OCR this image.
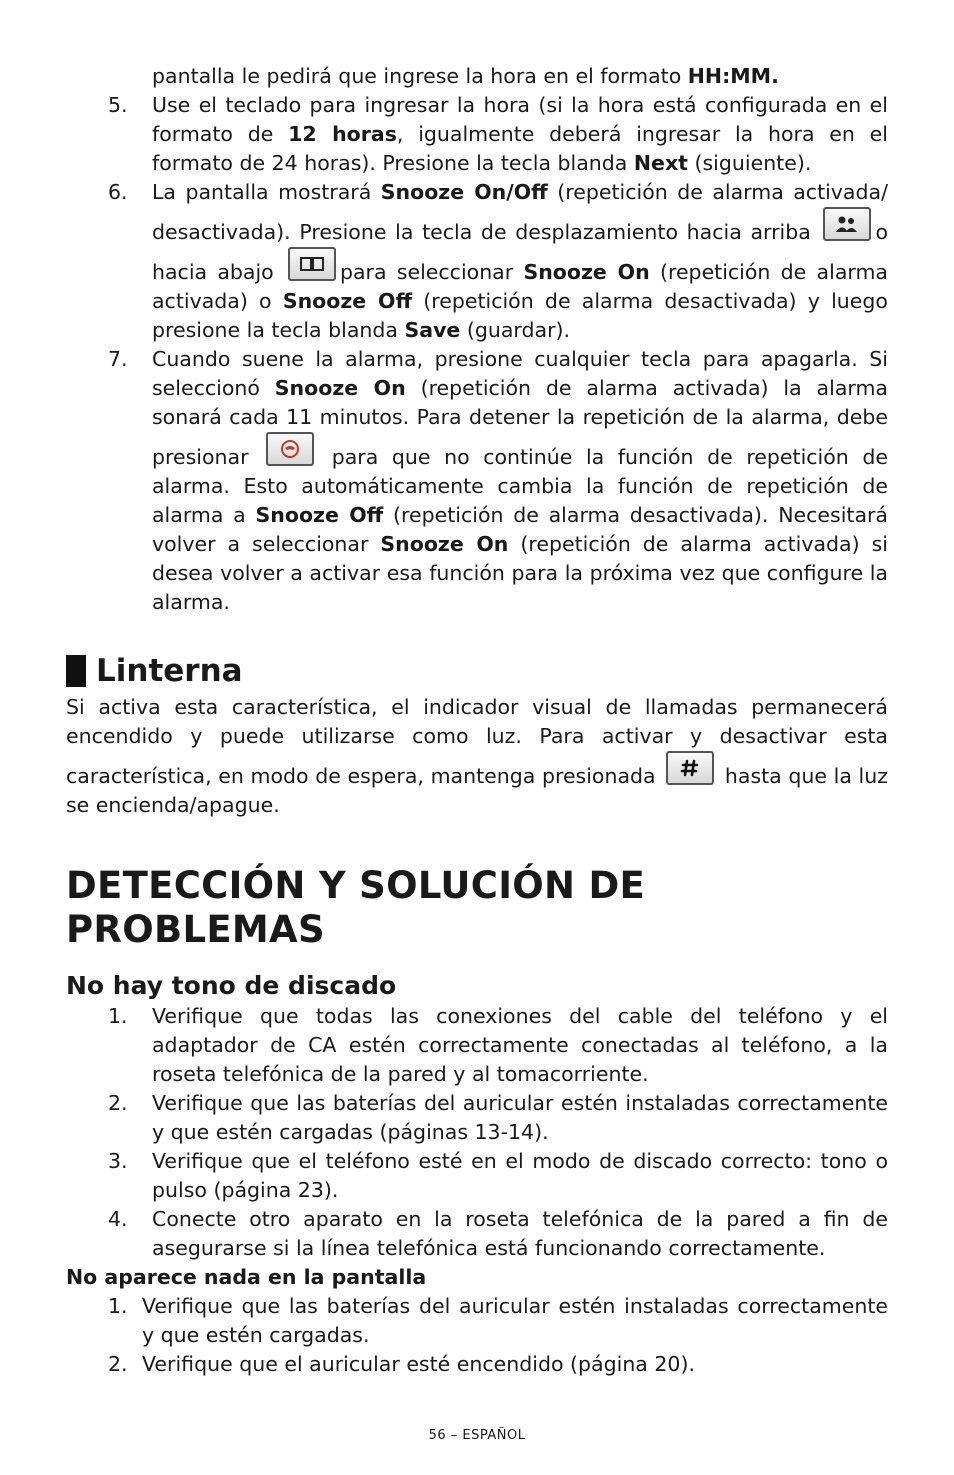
pantalla le pedirá que ingrese la hora en el formato HH:MM.

5. Use el teclado para ingresar la hora (si la hora está configurada en el formato de 12 horas, igualmente deberá ingresar la hora en el formato de 24 horas). Presione la tecla blanda Next (siguiente).

6. La pantalla mostrará Snooze On/Off (repetición de alarma activada/ desactivada). Presione la tecla de desplazamiento hacia arriba	o hacia abajo	para seleccionar Snooze On (repetición de alarma activada) o Snooze Off (repetición de alarma desactivada) y luego presione la tecla blanda Save (guardar).

7. Cuando suene la alarma, presione cualquier tecla para apagarla. Si seleccionó Snooze On (repetición de alarma activada) la alarma sonará cada 11 minutos. Para detener la repetición de la alarma, debe presionar	para que no continúe la función de repetición de alarma. Esto automáticamente cambia la función de repetición de alarma a Snooze Off (repetición de alarma desactivada). Necesitará volver a seleccionar Snooze On (repetición de alarma activada) si desea volver a activar esa función para la próxima vez que configure la alarma.

Linterna

Si activa esta característica, el indicador visual de llamadas permanecerá encendido y puede utilizarse como luz. Para activar y desactivar esta característica, en modo de espera, mantenga presionada	hasta que la luz se encienda/apague.

DETECCIÓN Y SOLUCIÓN DE PROBLEMAS
No hay tono de discado
1. Verifique que todas las conexiones del cable del teléfono y el adaptador de CA estén correctamente conectadas al teléfono, a la roseta telefónica de la pared y al tomacorriente.

2. Verifique que las baterías del auricular estén instaladas correctamente y que estén cargadas (páginas 13-14).

3. Verifique que el teléfono esté en el modo de discado correcto: tono o pulso (página 23).

4. Conecte otro aparato en la roseta telefónica de la pared a fin de asegurarse si la línea telefónica está funcionando correctamente.

No aparece nada en la pantalla
1. Verifique que las baterías del auricular estén instaladas correctamente y que estén cargadas.

2. Verifique que el auricular esté encendido (página 20).

56 – ESPAÑOL
